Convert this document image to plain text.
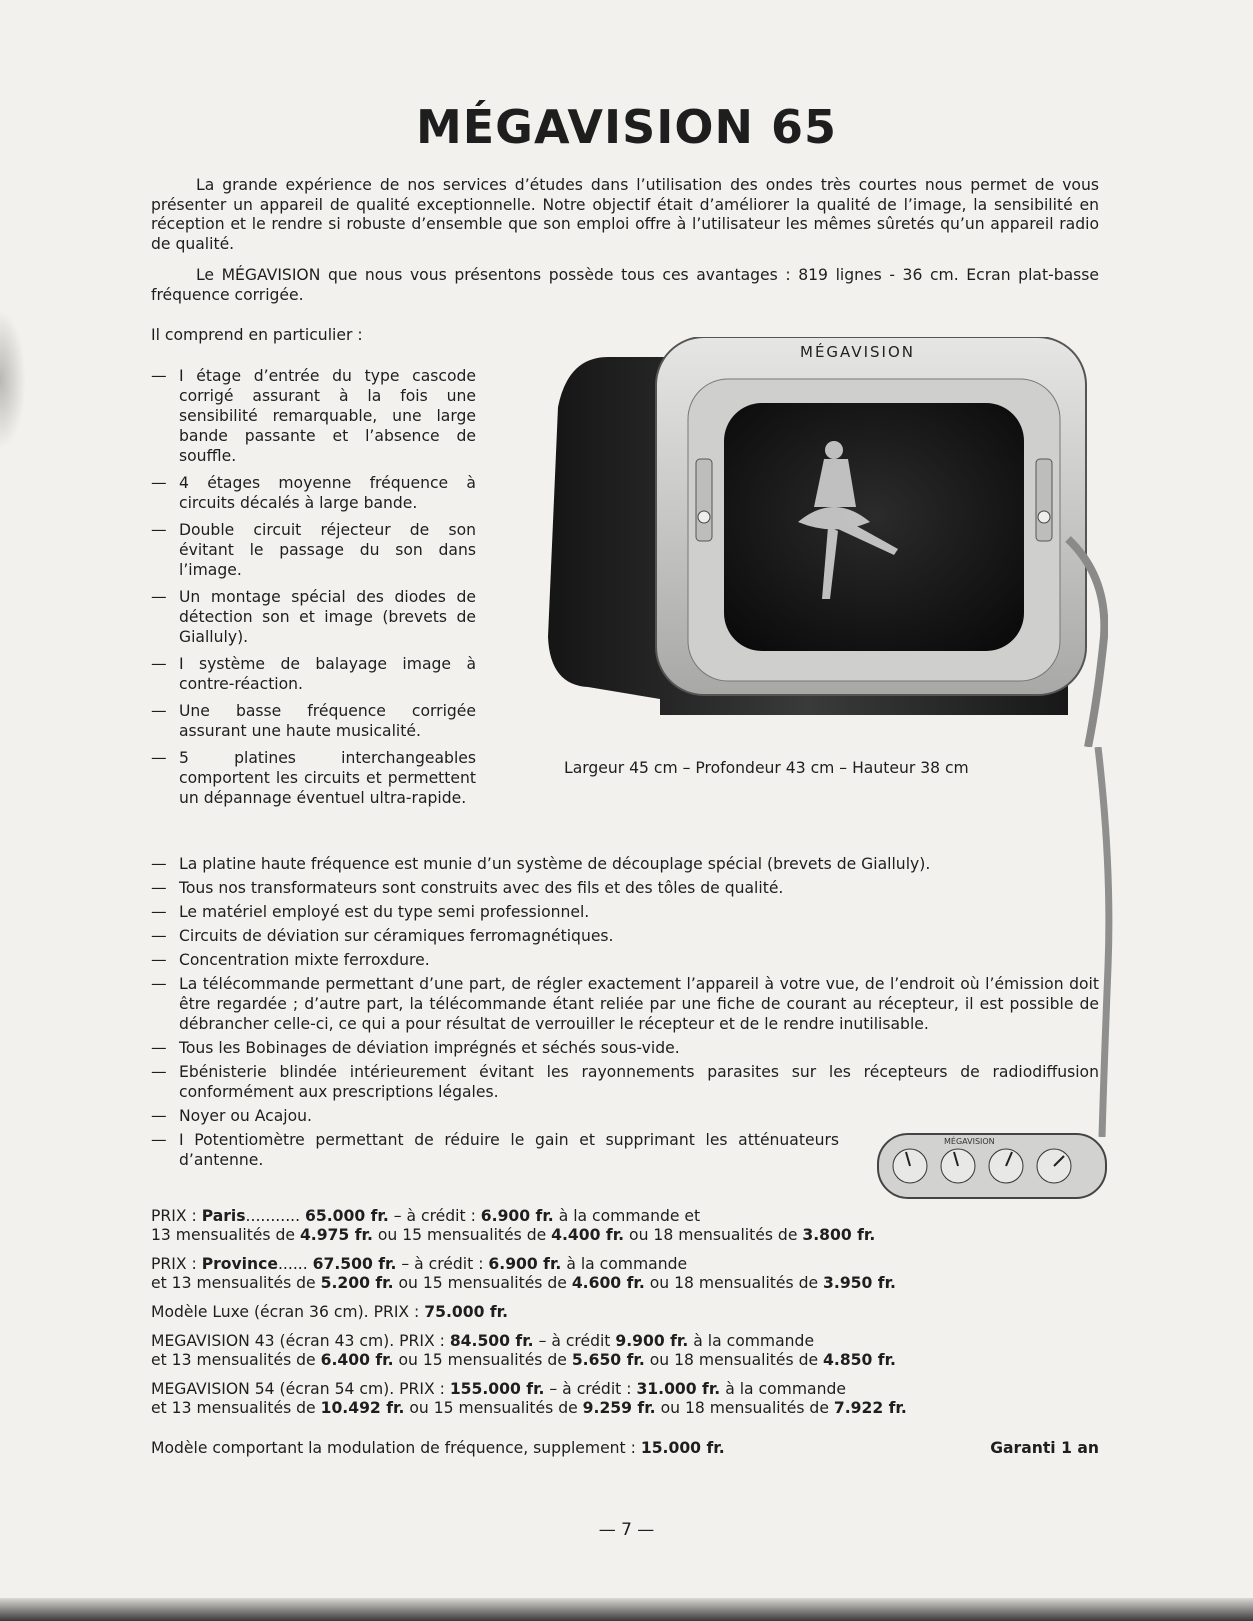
MÉGAVISION 65

La grande expérience de nos services d’études dans l’utilisation des ondes très courtes nous permet de vous présenter un appareil de qualité exceptionnelle. Notre objectif était d’améliorer la qualité de l’image, la sensibilité en réception et le rendre si robuste d’ensemble que son emploi offre à l’utilisateur les mêmes sûretés qu’un appareil radio de qualité.

Le MÉGAVISION que nous vous présentons possède tous ces avantages : 819 lignes - 36 cm. Ecran plat-basse fréquence corrigée.

Il comprend en particulier :

— I étage d’entrée du type cascode corrigé assurant à la fois une sensibilité remarquable, une large bande passante et l’absence de souffle.
— 4 étages moyenne fréquence à circuits décalés à large bande.
— Double circuit réjecteur de son évitant le passage du son dans l’image.
— Un montage spécial des diodes de détection son et image (brevets de Gialluly).
— I système de balayage image à contre-réaction.
— Une basse fréquence corrigée assurant une haute musicalité.
— 5 platines interchangeables comportent les circuits et permettent un dépannage éventuel ultra-rapide.
MÉGAVISION

Largeur 45 cm – Profondeur 43 cm – Hauteur 38 cm

MÉGAVISION
— La platine haute fréquence est munie d’un système de découplage spécial (brevets de Gialluly).
— Tous nos transformateurs sont construits avec des fils et des tôles de qualité.
— Le matériel employé est du type semi professionnel.
— Circuits de déviation sur céramiques ferromagnétiques.
— Concentration mixte ferroxdure.
— La télécommande permettant d’une part, de régler exactement l’appareil à votre vue, de l’endroit où l’émission doit être regardée ; d’autre part, la télécommande étant reliée par une fiche de courant au récepteur, il est possible de débrancher celle-ci, ce qui a pour résultat de verrouiller le récepteur et de le rendre inutilisable.
— Tous les Bobinages de déviation imprégnés et séchés sous-vide.
— Ebénisterie blindée intérieurement évitant les rayonnements parasites sur les récepteurs de radiodiffusion conformément aux prescriptions légales.
— Noyer ou Acajou.
— I Potentiomètre permettant de réduire le gain et supprimant les atténuateurs d’antenne.

PRIX : Paris........... 65.000 fr. – à crédit : 6.900 fr. à la commande et
13 mensualités de 4.975 fr. ou 15 mensualités de 4.400 fr. ou 18 mensualités de 3.800 fr.

PRIX : Province...... 67.500 fr. – à crédit : 6.900 fr. à la commande
et 13 mensualités de 5.200 fr. ou 15 mensualités de 4.600 fr. ou 18 mensualités de 3.950 fr.

Modèle Luxe (écran 36 cm). PRIX : 75.000 fr.

MEGAVISION 43 (écran 43 cm). PRIX : 84.500 fr. – à crédit 9.900 fr. à la commande
et 13 mensualités de 6.400 fr. ou 15 mensualités de 5.650 fr. ou 18 mensualités de 4.850 fr.

MEGAVISION 54 (écran 54 cm). PRIX : 155.000 fr. – à crédit : 31.000 fr. à la commande
et 13 mensualités de 10.492 fr. ou 15 mensualités de 9.259 fr. ou 18 mensualités de 7.922 fr.

Modèle comportant la modulation de fréquence, supplement : 15.000 fr.	Garanti 1 an

— 7 —
